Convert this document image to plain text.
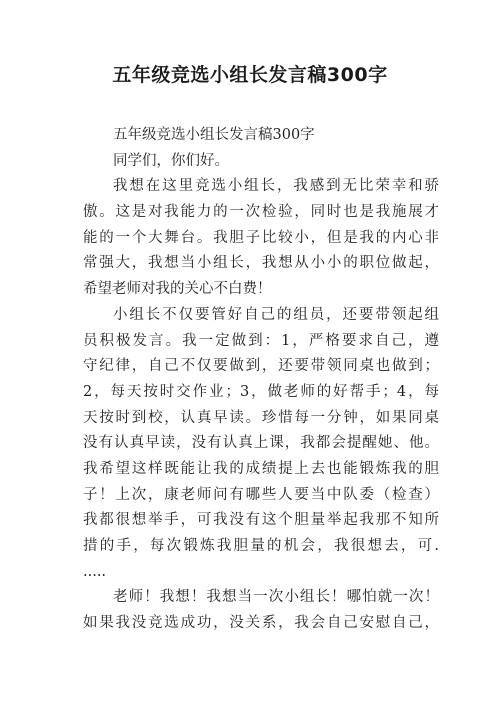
五年级竞选小组长发言稿300字
五年级竞选小组长发言稿300字
同学们，你们好。
我想在这里竞选小组长，我感到无比荣幸和骄
傲。这是对我能力的一次检验，同时也是我施展才
能的一个大舞台。我胆子比较小，但是我的内心非
常强大，我想当小组长，我想从小小的职位做起，
希望老师对我的关心不白费！
小组长不仅要管好自己的组员，还要带领起组
员积极发言。我一定做到：1，严格要求自己，遵
守纪律，自己不仅要做到，还要带领同桌也做到；
2，每天按时交作业；3，做老师的好帮手；4，每
天按时到校，认真早读。珍惜每一分钟，如果同桌
没有认真早读，没有认真上课，我都会提醒她、他。
我希望这样既能让我的成绩提上去也能锻炼我的胆
子！上次，康老师问有哪些人要当中队委（检查）
我都很想举手，可我没有这个胆量举起我那不知所
措的手，每次锻炼我胆量的机会，我很想去，可.
.....
老师！我想！我想当一次小组长！哪怕就一次！
如果我没竞选成功，没关系，我会自己安慰自己，
